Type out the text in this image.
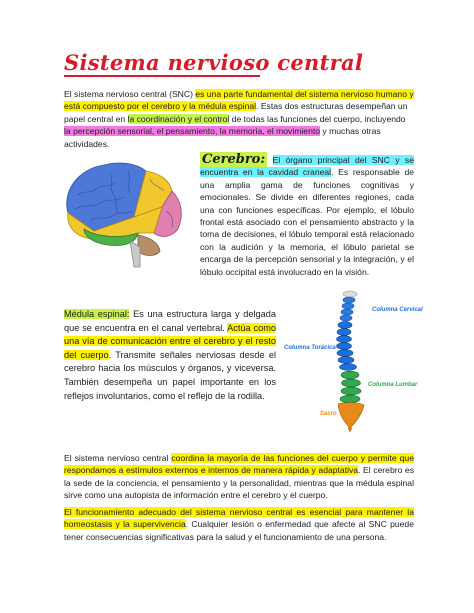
Sistema nervioso central
El sistema nervioso central (SNC) es una parte fundamental del sistema nervioso humano y está compuesto por el cerebro y la médula espinal. Estas dos estructuras desempeñan un papel central en la coordinación y el control de todas las funciones del cuerpo, incluyendo la percepción sensorial, el pensamiento, la memoria, el movimiento y muchas otras actividades.
Cerebro: El órgano principal del SNC y se encuentra en la cavidad craneal. Es responsable de una amplia gama de funciones cognitivas y emocionales. Se divide en diferentes regiones, cada una con funciones específicas. Por ejemplo, el lóbulo frontal está asociado con el pensamiento abstracto y la toma de decisiones, el lóbulo temporal está relacionado con la audición y la memoria, el lóbulo parietal se encarga de la percepción sensorial y la integración, y el lóbulo occipital está involucrado en la visión.
Médula espinal: Es una estructura larga y delgada que se encuentra en el canal vertebral. Actúa como una vía de comunicación entre el cerebro y el resto del cuerpo. Transmite señales nerviosas desde el cerebro hacia los músculos y órganos, y viceversa. También desempeña un papel importante en los reflejos involuntarios, como el reflejo de la rodilla.
Columna Cervical
Columna Torácica
Columna Lumbar
Sacro
El sistema nervioso central coordina la mayoría de las funciones del cuerpo y permite que respondamos a estímulos externos e internos de manera rápida y adaptativa. El cerebro es la sede de la conciencia, el pensamiento y la personalidad, mientras que la médula espinal sirve como una autopista de información entre el cerebro y el cuerpo.
El funcionamiento adecuado del sistema nervioso central es esencial para mantener la homeostasis y la supervivencia. Cualquier lesión o enfermedad que afecte al SNC puede tener consecuencias significativas para la salud y el funcionamiento de una persona.
